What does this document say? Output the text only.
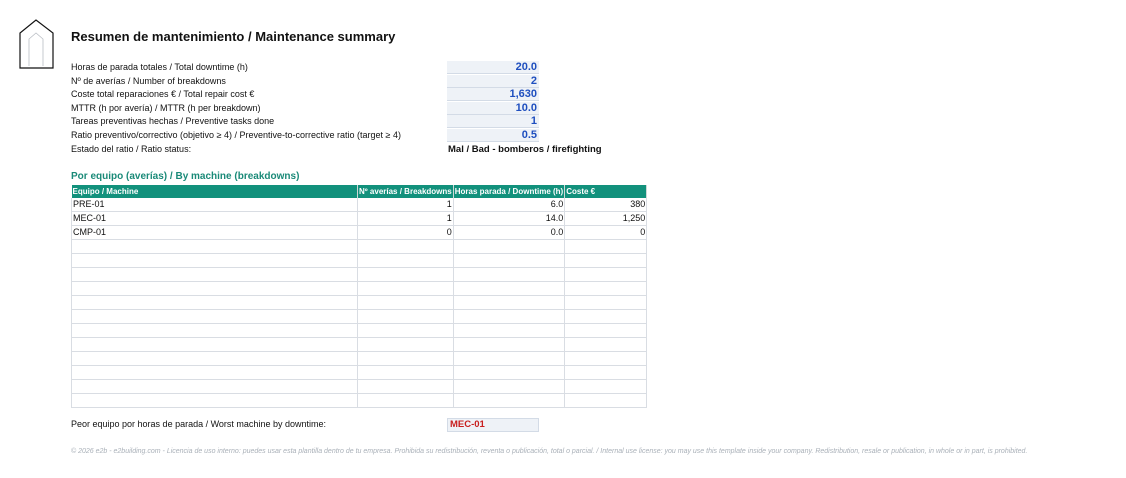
Resumen de mantenimiento / Maintenance summary
Horas de parada totales / Total downtime (h)	20.0
Nº de averías / Number of breakdowns	2
Coste total reparaciones € / Total repair cost €	1,630
MTTR (h por avería) / MTTR (h per breakdown)	10.0
Tareas preventivas hechas / Preventive tasks done	1
Ratio preventivo/correctivo (objetivo ≥ 4) / Preventive-to-corrective ratio (target ≥ 4)	0.5
Estado del ratio / Ratio status:	Mal / Bad - bomberos / firefighting
Por equipo (averías) / By machine (breakdowns)
Equipo / Machine	Nº averías / Breakdowns	Horas parada / Downtime (h)	Coste €
PRE-01	1	6.0	380
MEC-01	1	14.0	1,250
CMP-01	0	0.0	0

Peor equipo por horas de parada / Worst machine by downtime:	MEC-01
© 2026 e2b - e2building.com - Licencia de uso interno: puedes usar esta plantilla dentro de tu empresa. Prohibida su redistribución, reventa o publicación, total o parcial. / Internal use license: you may use this template inside your company. Redistribution, resale or publication, in whole or in part, is prohibited.
